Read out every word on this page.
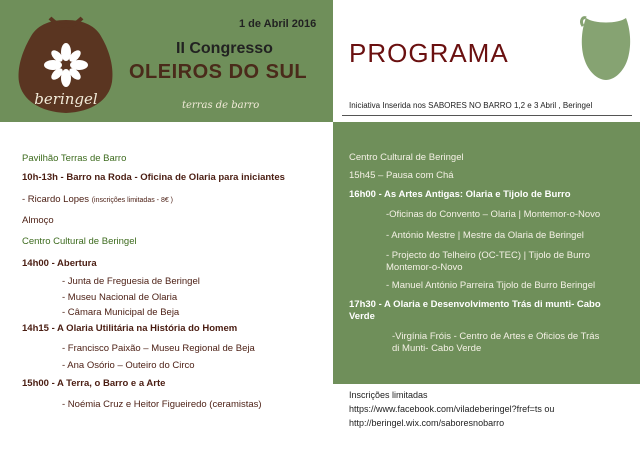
beringel
1 de Abril 2016
II Congresso
OLEIROS DO SUL
terras de barro
PROGRAMA
Iniciativa Inserida nos SABORES NO BARRO 1,2 e 3 Abril , Beringel
Pavilhão Terras de Barro
10h-13h - Barro na Roda - Oficina de Olaria para iniciantes
- Ricardo Lopes (inscrições limitadas - 8€ )
Almoço
Centro Cultural de Beringel
14h00 - Abertura
- Junta de Freguesia de Beringel
- Museu Nacional de Olaria
- Câmara Municipal de Beja
14h15 - A Olaria Utilitária na História do Homem
- Francisco Paixão – Museu Regional de Beja
- Ana Osório – Outeiro do Circo
15h00 - A Terra, o Barro e a Arte
- Noémia Cruz e Heitor Figueiredo (ceramistas)
Centro Cultural de Beringel
15h45 – Pausa com Chá
16h00 - As Artes Antigas: Olaria e Tijolo de Burro
-Oficinas do Convento – Olaria | Montemor-o-Novo
- António Mestre | Mestre da Olaria de Beringel
- Projecto do Telheiro (OC-TEC) | Tijolo de Burro
Montemor-o-Novo
- Manuel António Parreira Tijolo de Burro Beringel
17h30 - A Olaria e Desenvolvimento Trás di munti- Cabo
Verde
-Virgínia Fróis - Centro de Artes e Oficios de Trás
di Munti- Cabo Verde
Inscrições limitadas
https://www.facebook.com/viladeberingel?fref=ts ou
http://beringel.wix.com/saboresnobarro
